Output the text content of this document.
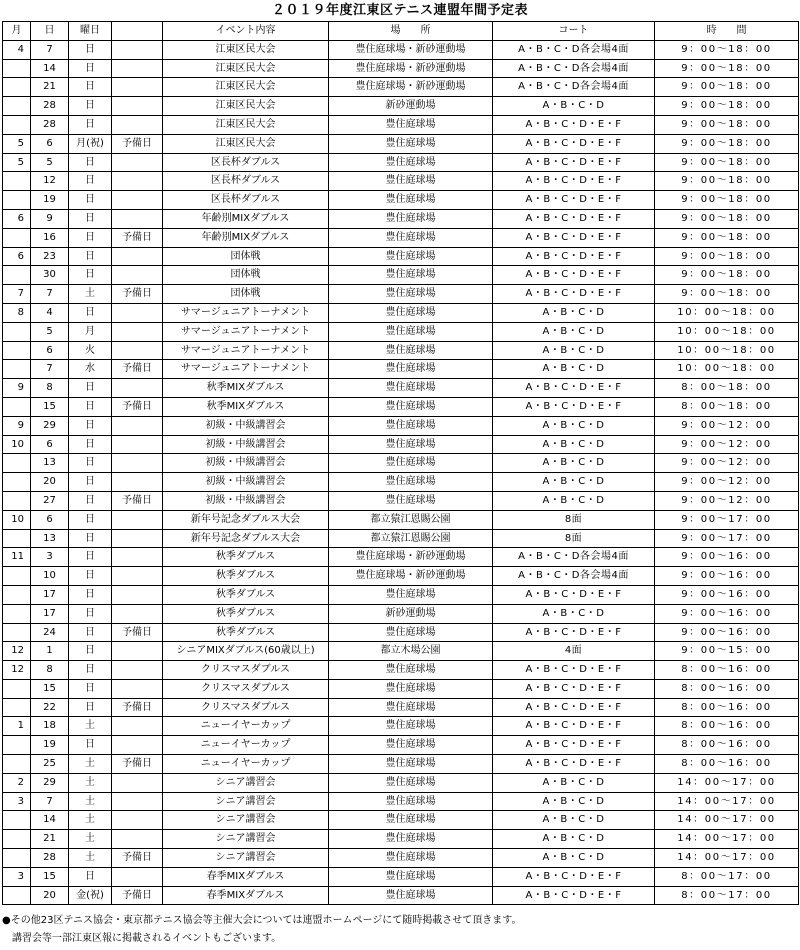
２０１９年度江東区テニス連盟年間予定表
月	日	曜日		イベント内容	場　　所	コート	時　　間
4	7	日		江東区民大会	豊住庭球場・新砂運動場	A・B・C・D各会場4面	9：00～18：00
	14	日		江東区民大会	豊住庭球場・新砂運動場	A・B・C・D各会場4面	9：00～18：00
	21	日		江東区民大会	豊住庭球場・新砂運動場	A・B・C・D各会場4面	9：00～18：00
	28	日		江東区民大会	新砂運動場	A・B・C・D	9：00～18：00
	28	日		江東区民大会	豊住庭球場	A・B・C・D・E・F	9：00～18：00
5	6	月(祝)	予備日	江東区民大会	豊住庭球場	A・B・C・D・E・F	9：00～18：00
5	5	日		区長杯ダブルス	豊住庭球場	A・B・C・D・E・F	9：00～18：00
	12	日		区長杯ダブルス	豊住庭球場	A・B・C・D・E・F	9：00～18：00
	19	日		区長杯ダブルス	豊住庭球場	A・B・C・D・E・F	9：00～18：00
6	9	日		年齢別MIXダブルス	豊住庭球場	A・B・C・D・E・F	9：00～18：00
	16	日	予備日	年齢別MIXダブルス	豊住庭球場	A・B・C・D・E・F	9：00～18：00
6	23	日		団体戦	豊住庭球場	A・B・C・D・E・F	9：00～18：00
	30	日		団体戦	豊住庭球場	A・B・C・D・E・F	9：00～18：00
7	7	土	予備日	団体戦	豊住庭球場	A・B・C・D・E・F	9：00～18：00
8	4	日		サマージュニアトーナメント	豊住庭球場	A・B・C・D	10：00～18：00
	5	月		サマージュニアトーナメント	豊住庭球場	A・B・C・D	10：00～18：00
	6	火		サマージュニアトーナメント	豊住庭球場	A・B・C・D	10：00～18：00
	7	水	予備日	サマージュニアトーナメント	豊住庭球場	A・B・C・D	10：00～18：00
9	8	日		秋季MIXダブルス	豊住庭球場	A・B・C・D・E・F	8：00～18：00
	15	日	予備日	秋季MIXダブルス	豊住庭球場	A・B・C・D・E・F	8：00～18：00
9	29	日		初級・中級講習会	豊住庭球場	A・B・C・D	9：00～12：00
10	6	日		初級・中級講習会	豊住庭球場	A・B・C・D	9：00～12：00
	13	日		初級・中級講習会	豊住庭球場	A・B・C・D	9：00～12：00
	20	日		初級・中級講習会	豊住庭球場	A・B・C・D	9：00～12：00
	27	日	予備日	初級・中級講習会	豊住庭球場	A・B・C・D	9：00～12：00
10	6	日		新年号記念ダブルス大会	都立猿江恩賜公園	8面	9：00～17：00
	13	日		新年号記念ダブルス大会	都立猿江恩賜公園	8面	9：00～17：00
11	3	日		秋季ダブルス	豊住庭球場・新砂運動場	A・B・C・D各会場4面	9：00～16：00
	10	日		秋季ダブルス	豊住庭球場・新砂運動場	A・B・C・D各会場4面	9：00～16：00
	17	日		秋季ダブルス	豊住庭球場	A・B・C・D・E・F	9：00～16：00
	17	日		秋季ダブルス	新砂運動場	A・B・C・D	9：00～16：00
	24	日	予備日	秋季ダブルス	豊住庭球場	A・B・C・D・E・F	9：00～16：00
12	1	日		シニアMIXダブルス(60歳以上)	都立木場公園	4面	9：00～15：00
12	8	日		クリスマスダブルス	豊住庭球場	A・B・C・D・E・F	8：00～16：00
	15	日		クリスマスダブルス	豊住庭球場	A・B・C・D・E・F	8：00～16：00
	22	日	予備日	クリスマスダブルス	豊住庭球場	A・B・C・D・E・F	8：00～16：00
1	18	土		ニューイヤーカップ	豊住庭球場	A・B・C・D・E・F	8：00～16：00
	19	日		ニューイヤーカップ	豊住庭球場	A・B・C・D・E・F	8：00～16：00
	25	土	予備日	ニューイヤーカップ	豊住庭球場	A・B・C・D・E・F	8：00～16：00
2	29	土		シニア講習会	豊住庭球場	A・B・C・D	14：00～17：00
3	7	土		シニア講習会	豊住庭球場	A・B・C・D	14：00～17：00
	14	土		シニア講習会	豊住庭球場	A・B・C・D	14：00～17：00
	21	土		シニア講習会	豊住庭球場	A・B・C・D	14：00～17：00
	28	土	予備日	シニア講習会	豊住庭球場	A・B・C・D	14：00～17：00
3	15	日		春季MIXダブルス	豊住庭球場	A・B・C・D・E・F	8：00～17：00
	20	金(祝)	予備日	春季MIXダブルス	豊住庭球場	A・B・C・D・E・F	8：00～17：00
●その他23区テニス協会・東京都テニス協会等主催大会については連盟ホームページにて随時掲載させて頂きます。
　講習会等一部江東区報に掲載されるイベントもございます。
